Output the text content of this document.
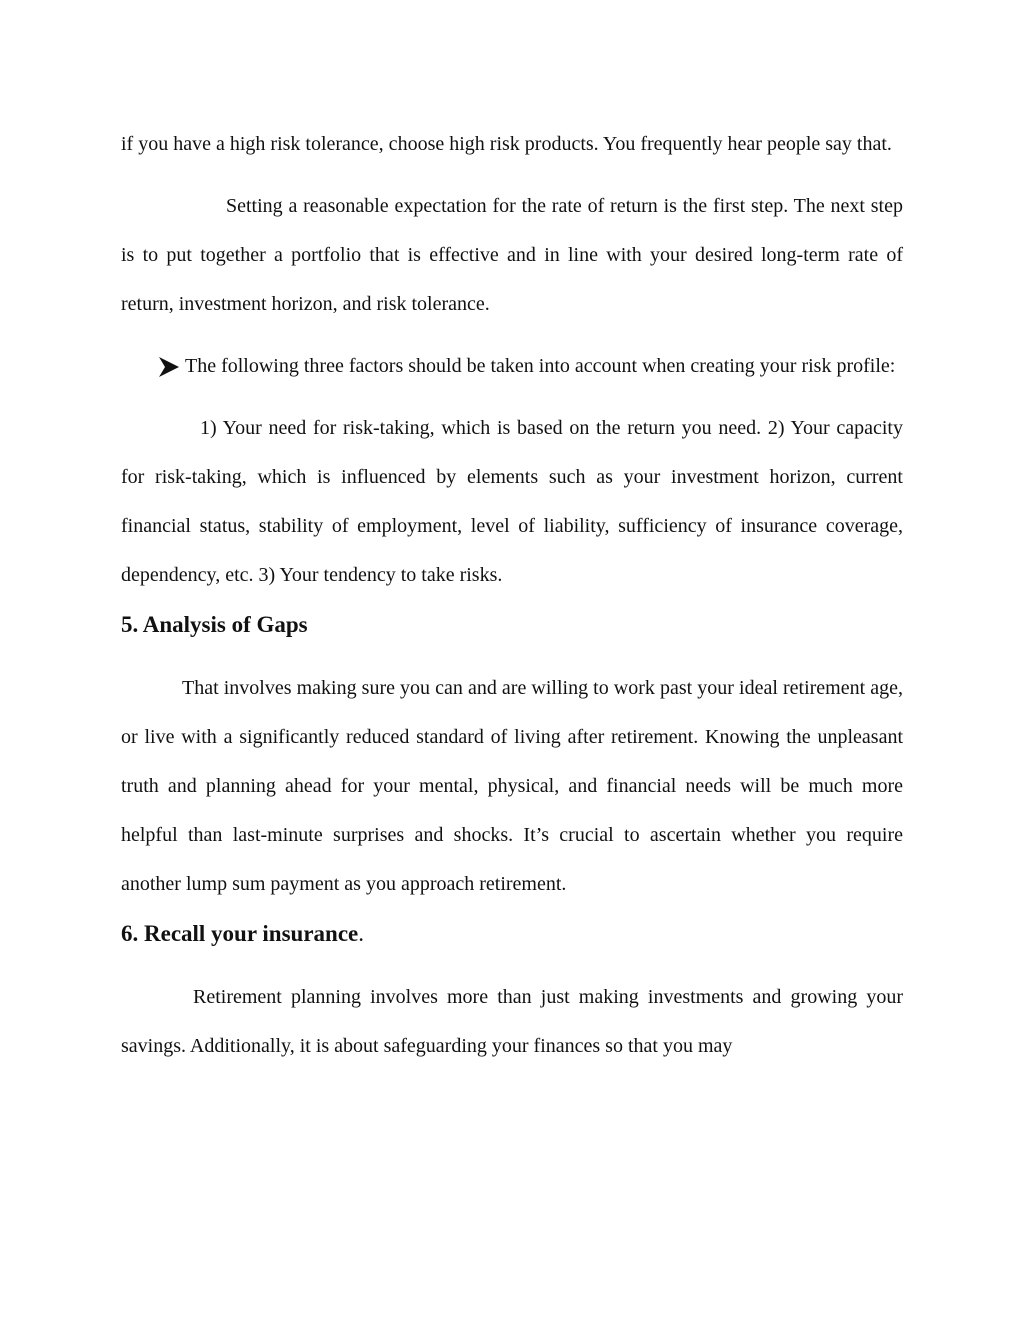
if you have a high risk tolerance, choose high risk products. You frequently hear people say that.

Setting a reasonable expectation for the rate of return is the first step. The next step is to put together a portfolio that is effective and in line with your desired long-term rate of return, investment horizon, and risk tolerance.

The following three factors should be taken into account when creating your risk profile:

1) Your need for risk-taking, which is based on the return you need. 2) Your capacity for risk-taking, which is influenced by elements such as your investment horizon, current financial status, stability of employment, level of liability, sufficiency of insurance coverage, dependency, etc. 3) Your tendency to take risks.

5. Analysis of Gaps

That involves making sure you can and are willing to work past your ideal retirement age, or live with a significantly reduced standard of living after retirement. Knowing the unpleasant truth and planning ahead for your mental, physical, and financial needs will be much more helpful than last-minute surprises and shocks. It’s crucial to ascertain whether you require another lump sum payment as you approach retirement.

6. Recall your insurance.

Retirement planning involves more than just making investments and growing your savings. Additionally, it is about safeguarding your finances so that you may
